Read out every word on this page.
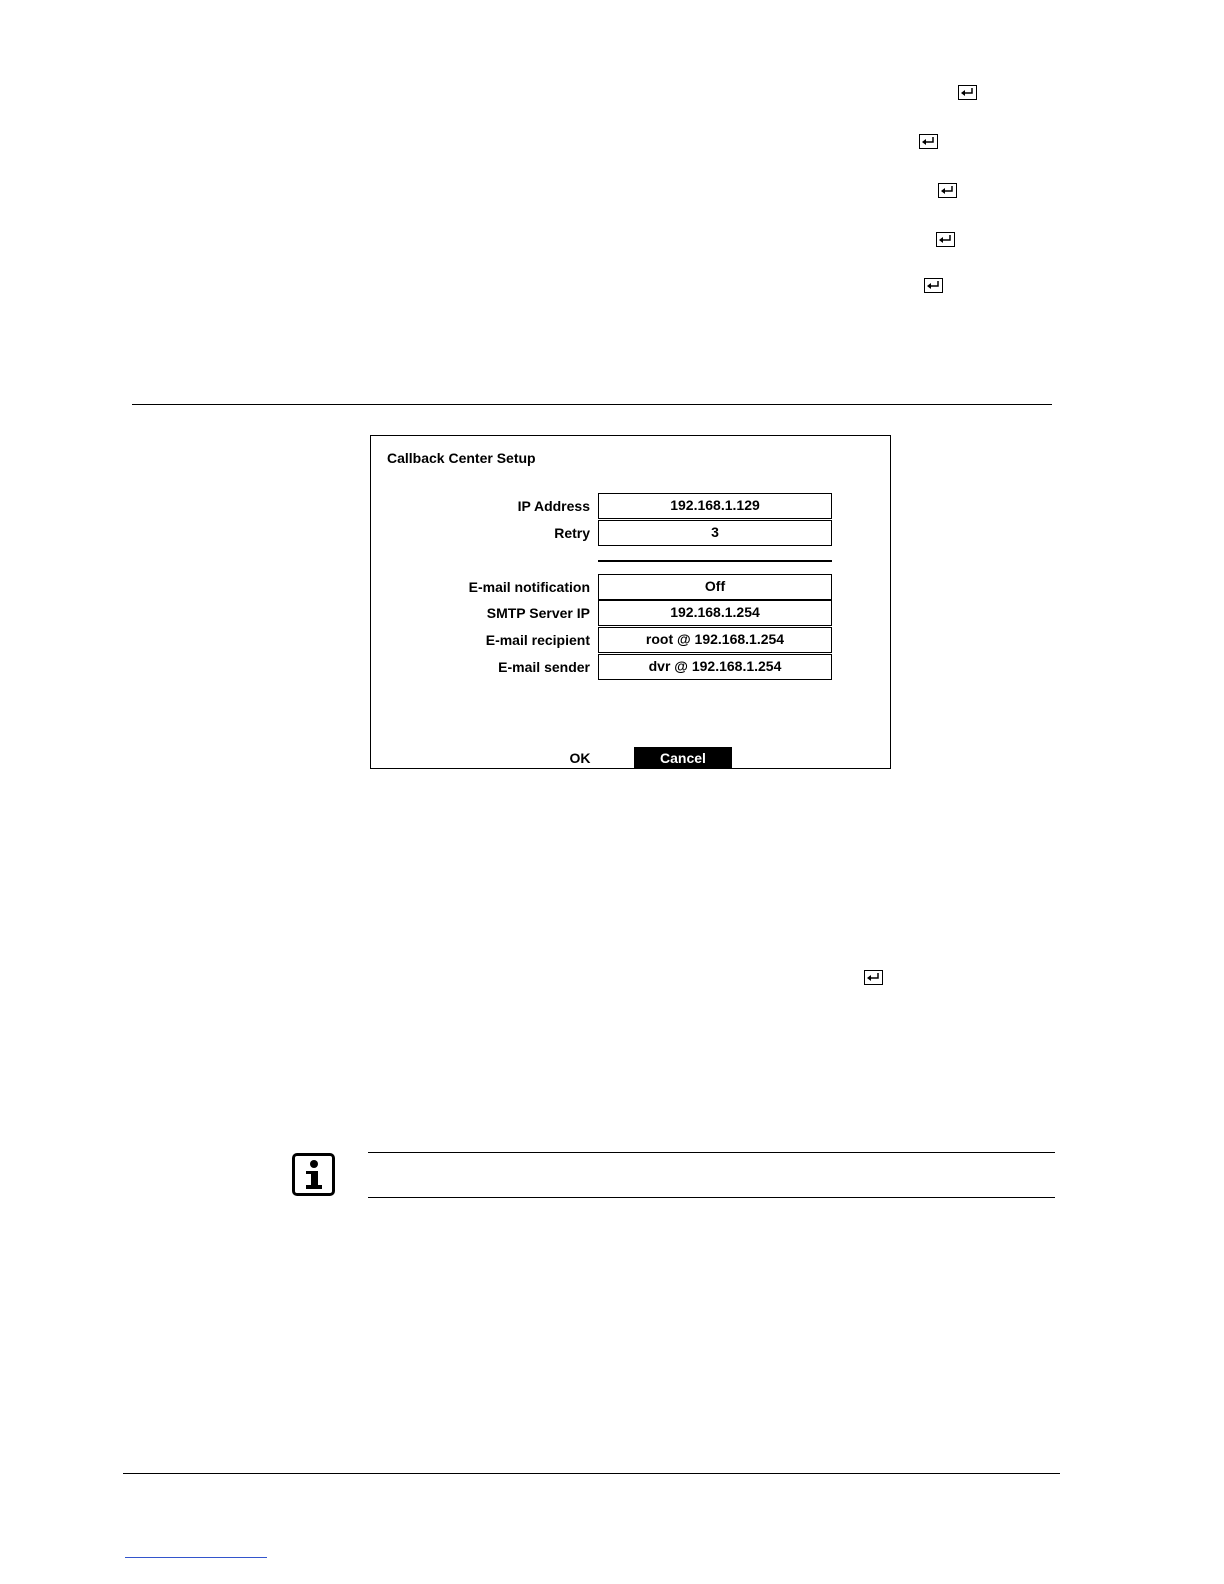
Callback Center Setup
IP Address	192.168.1.129
Retry	3
E-mail notification	Off
SMTP Server IP	192.168.1.254
E-mail recipient	root @ 192.168.1.254
E-mail sender	dvr @ 192.168.1.254
OK	Cancel
